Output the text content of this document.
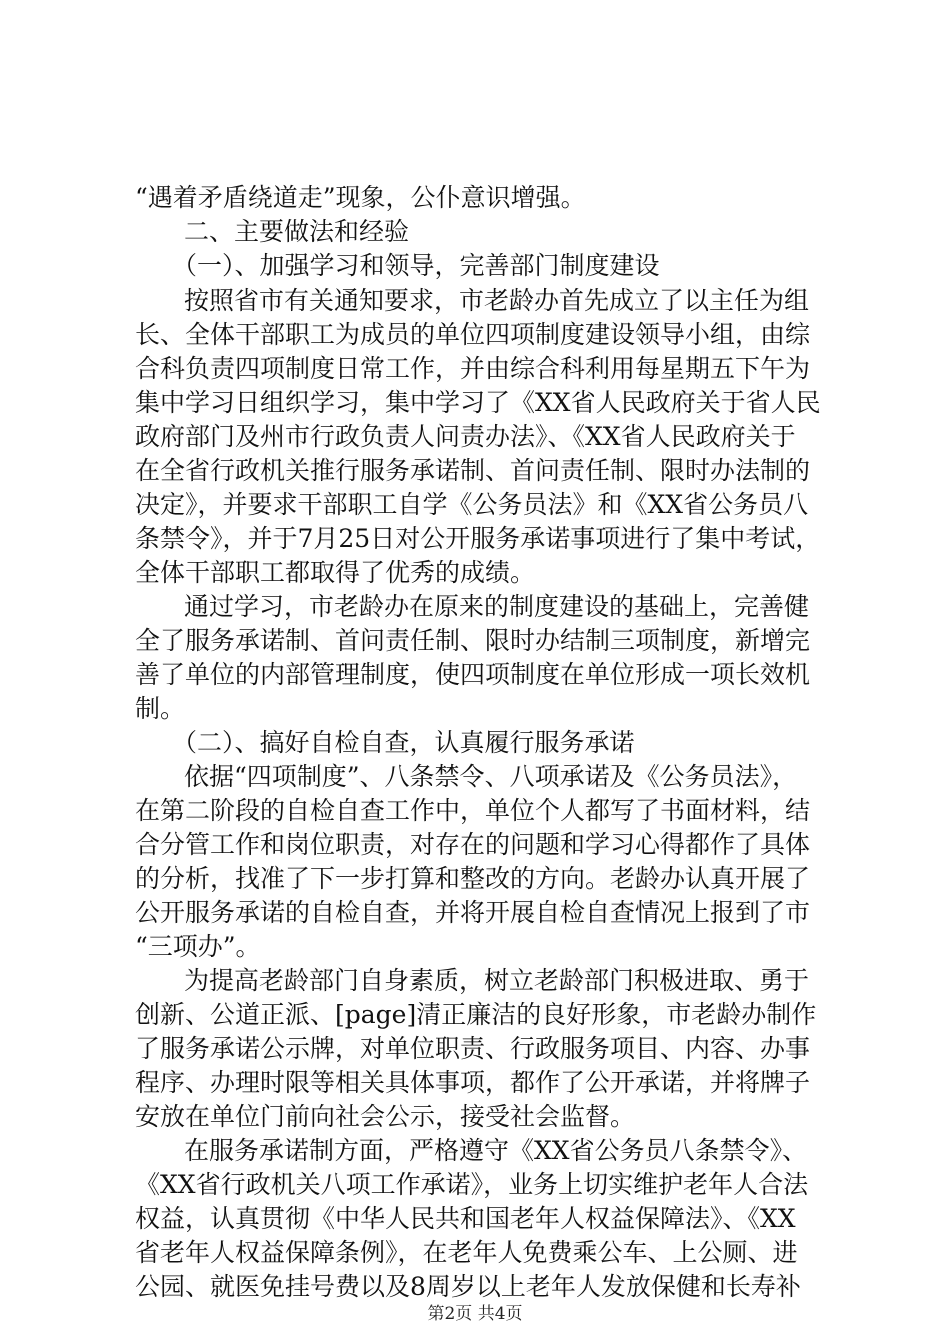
“遇着矛盾绕道走”现象，公仆意识增强。
二、主要做法和经验
（一）、加强学习和领导，完善部门制度建设
按照省市有关通知要求，市老龄办首先成立了以主任为组
长、全体干部职工为成员的单位四项制度建设领导小组，由综
合科负责四项制度日常工作，并由综合科利用每星期五下午为
集中学习日组织学习，集中学习了《XX省人民政府关于省人民
政府部门及州市行政负责人问责办法》、《XX省人民政府关于
在全省行政机关推行服务承诺制、首问责任制、限时办法制的
决定》，并要求干部职工自学《公务员法》和《XX省公务员八
条禁令》，并于7月25日对公开服务承诺事项进行了集中考试，
全体干部职工都取得了优秀的成绩。
通过学习，市老龄办在原来的制度建设的基础上，完善健
全了服务承诺制、首问责任制、限时办结制三项制度，新增完
善了单位的内部管理制度，使四项制度在单位形成一项长效机
制。
（二）、搞好自检自查，认真履行服务承诺
依据“四项制度”、八条禁令、八项承诺及《公务员法》，
在第二阶段的自检自查工作中，单位个人都写了书面材料，结
合分管工作和岗位职责，对存在的问题和学习心得都作了具体
的分析，找准了下一步打算和整改的方向。老龄办认真开展了
公开服务承诺的自检自查，并将开展自检自查情况上报到了市
“三项办”。
为提高老龄部门自身素质，树立老龄部门积极进取、勇于
创新、公道正派、[page]清正廉洁的良好形象，市老龄办制作
了服务承诺公示牌，对单位职责、行政服务项目、内容、办事
程序、办理时限等相关具体事项，都作了公开承诺，并将牌子
安放在单位门前向社会公示，接受社会监督。
在服务承诺制方面，严格遵守《XX省公务员八条禁令》、
《XX省行政机关八项工作承诺》，业务上切实维护老年人合法
权益，认真贯彻《中华人民共和国老年人权益保障法》、《XX
省老年人权益保障条例》，在老年人免费乘公车、上公厕、进
公园、就医免挂号费以及8周岁以上老年人发放保健和长寿补
第2页 共4页
